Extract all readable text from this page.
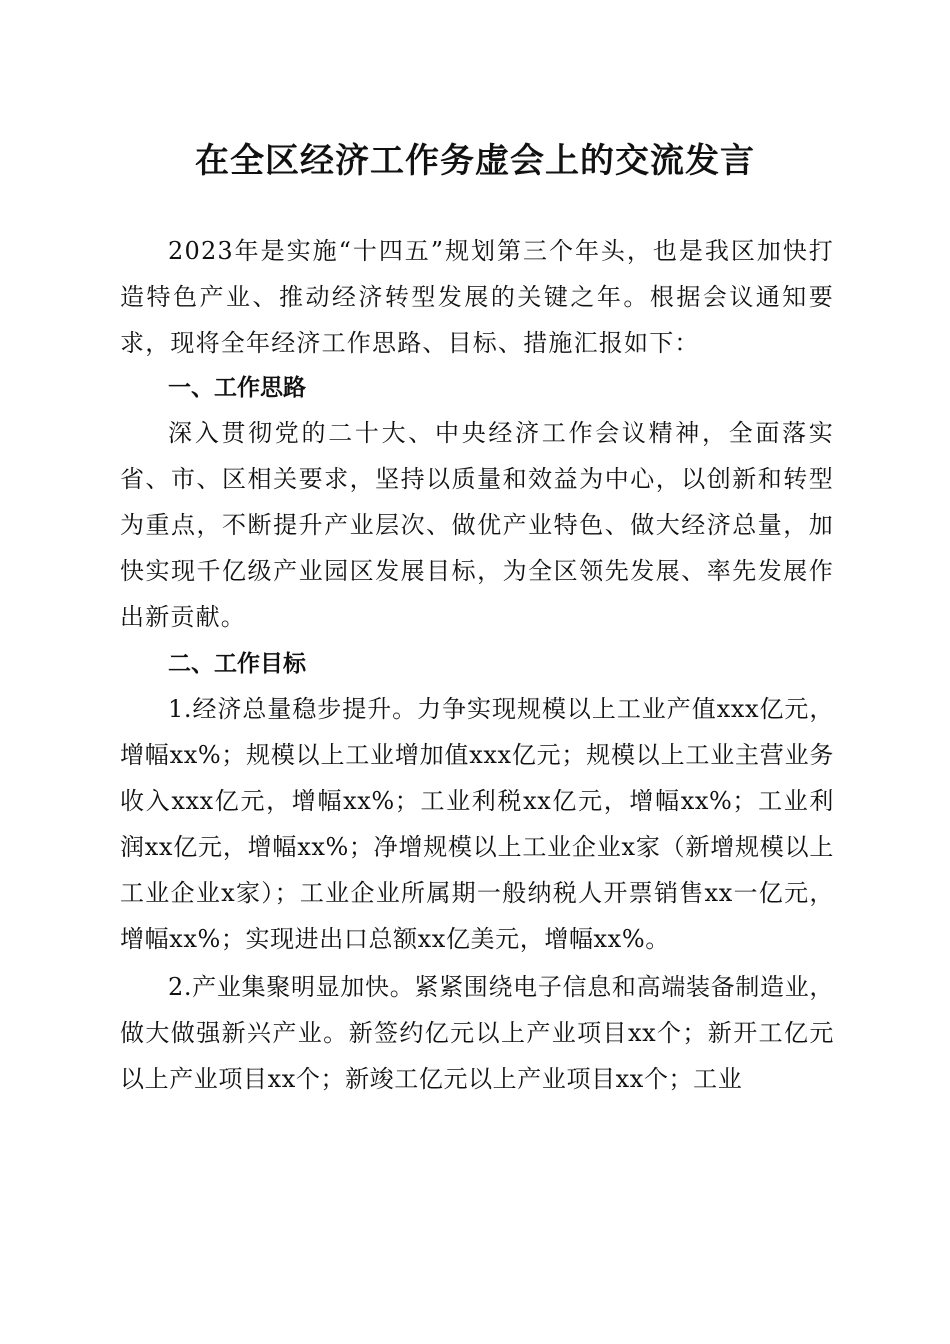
在全区经济工作务虚会上的交流发言

2023年是实施“十四五”规划第三个年头，也是我区加快打造特色产业、推动经济转型发展的关键之年。根据会议通知要求，现将全年经济工作思路、目标、措施汇报如下：

一、工作思路

深入贯彻党的二十大、中央经济工作会议精神，全面落实省、市、区相关要求，坚持以质量和效益为中心，以创新和转型为重点，不断提升产业层次、做优产业特色、做大经济总量，加快实现千亿级产业园区发展目标，为全区领先发展、率先发展作出新贡献。

二、工作目标

1.经济总量稳步提升。力争实现规模以上工业产值xxx亿元，增幅xx%；规模以上工业增加值xxx亿元；规模以上工业主营业务收入xxx亿元，增幅xx%；工业利税xx亿元，增幅xx%；工业利润xx亿元，增幅xx%；净增规模以上工业企业x家（新增规模以上工业企业x家）；工业企业所属期一般纳税人开票销售xx一亿元，增幅xx%；实现进出口总额xx亿美元，增幅xx%。

2.产业集聚明显加快。紧紧围绕电子信息和高端装备制造业，做大做强新兴产业。新签约亿元以上产业项目xx个；新开工亿元以上产业项目xx个；新竣工亿元以上产业项目xx个；工业
